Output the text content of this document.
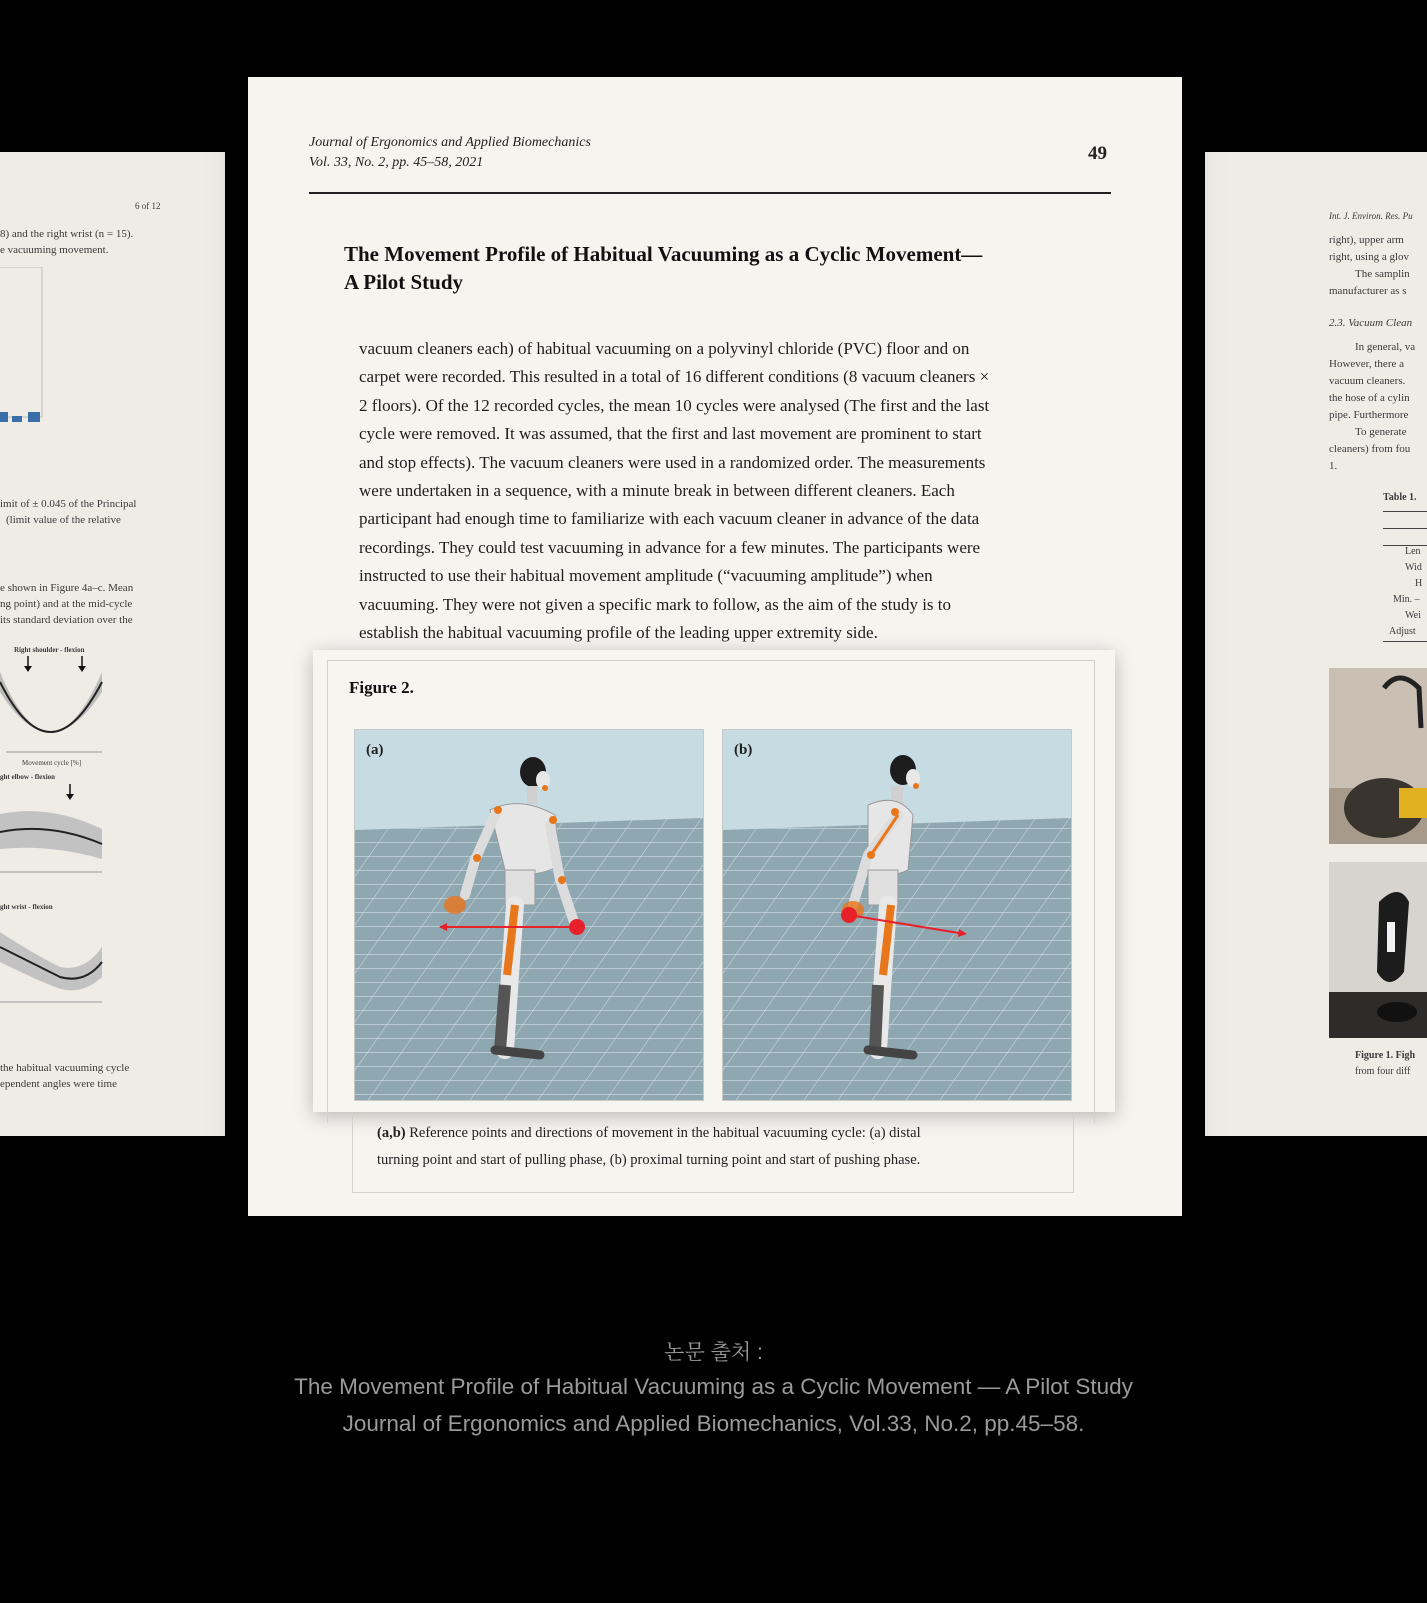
6 of 12
8) and the right wrist (n = 15).
e vacuuming movement.
imit of ± 0.045 of the Principal
(limit value of the relative
e shown in Figure 4a–c. Mean
ng point) and at the mid-cycle
its standard deviation over the
Right shoulder - flexion
Movement cycle [%]
ght elbow - flexion
ght wrist - flexion
the habitual vacuuming cycle
ependent angles were time
Int. J. Environ. Res. Pu
right), upper arm
right, using a glov
The samplin
manufacturer as s
2.3. Vacuum Clean
In general, va
However, there a
vacuum cleaners.
the hose of a cylin
pipe. Furthermore
To generate
cleaners) from fou
1.
Table 1.
Len
Wid
H
Min. –
Wei
Adjust
Figure 1. Figh
from four diff
Journal of Ergonomics and Applied Biomechanics
Vol. 33, No. 2, pp. 45–58, 2021	49
The Movement Profile of Habitual Vacuuming as a Cyclic Movement—
A Pilot Study
vacuum cleaners each) of habitual vacuuming on a polyvinyl chloride (PVC) floor and on
carpet were recorded. This resulted in a total of 16 different conditions (8 vacuum cleaners ×
2 floors). Of the 12 recorded cycles, the mean 10 cycles were analysed (The first and the last
cycle were removed. It was assumed, that the first and last movement are prominent to start
and stop effects). The vacuum cleaners were used in a randomized order. The measurements
were undertaken in a sequence, with a minute break in between different cleaners. Each
participant had enough time to familiarize with each vacuum cleaner in advance of the data
recordings. They could test vacuuming in advance for a few minutes. The participants were
instructed to use their habitual movement amplitude (“vacuuming amplitude”) when
vacuuming. They were not given a specific mark to follow, as the aim of the study is to
establish the habitual vacuuming profile of the leading upper extremity side.
Figure 2.
(a)	(b)
(a,b) Reference points and directions of movement in the habitual vacuuming cycle: (a) distal
turning point and start of pulling phase, (b) proximal turning point and start of pushing phase.
논문 출처 :
The Movement Profile of Habitual Vacuuming as a Cyclic Movement — A Pilot Study
Journal of Ergonomics and Applied Biomechanics, Vol.33, No.2, pp.45–58.
